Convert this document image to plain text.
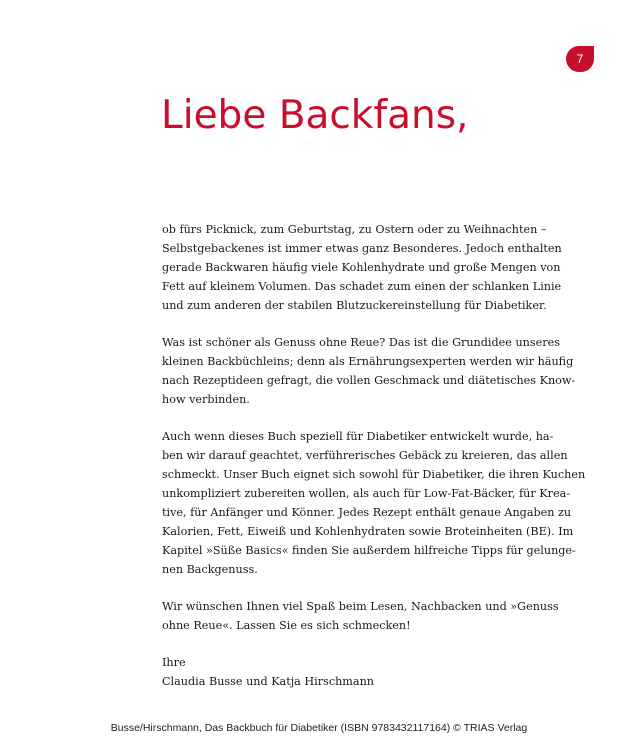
7
Liebe Backfans,
ob fürs Picknick, zum Geburtstag, zu Ostern oder zu Weihnachten –
Selbstgebackenes ist immer etwas ganz Besonderes. Jedoch enthalten
gerade Backwaren häufig viele Kohlenhydrate und große Mengen von
Fett auf kleinem Volumen. Das schadet zum einen der schlanken Linie
und zum anderen der stabilen Blutzuckereinstellung für Diabetiker.
Was ist schöner als Genuss ohne Reue? Das ist die Grundidee unseres
kleinen Backbüchleins; denn als Ernährungsexperten werden wir häufig
nach Rezeptideen gefragt, die vollen Geschmack und diätetisches Know-
how verbinden.
Auch wenn dieses Buch speziell für Diabetiker entwickelt wurde, ha-
ben wir darauf geachtet, verführerisches Gebäck zu kreieren, das allen
schmeckt. Unser Buch eignet sich sowohl für Diabetiker, die ihren Kuchen
unkompliziert zubereiten wollen, als auch für Low-Fat-Bäcker, für Krea-
tive, für Anfänger und Könner. Jedes Rezept enthält genaue Angaben zu
Kalorien, Fett, Eiweiß und Kohlenhydraten sowie Broteinheiten (BE). Im
Kapitel »Süße Basics« finden Sie außerdem hilfreiche Tipps für gelunge-
nen Backgenuss.
Wir wünschen Ihnen viel Spaß beim Lesen, Nachbacken und »Genuss
ohne Reue«. Lassen Sie es sich schmecken!
Ihre
Claudia Busse und Katja Hirschmann
Busse/Hirschmann, Das Backbuch für Diabetiker (ISBN 9783432117164) © TRIAS Verlag
